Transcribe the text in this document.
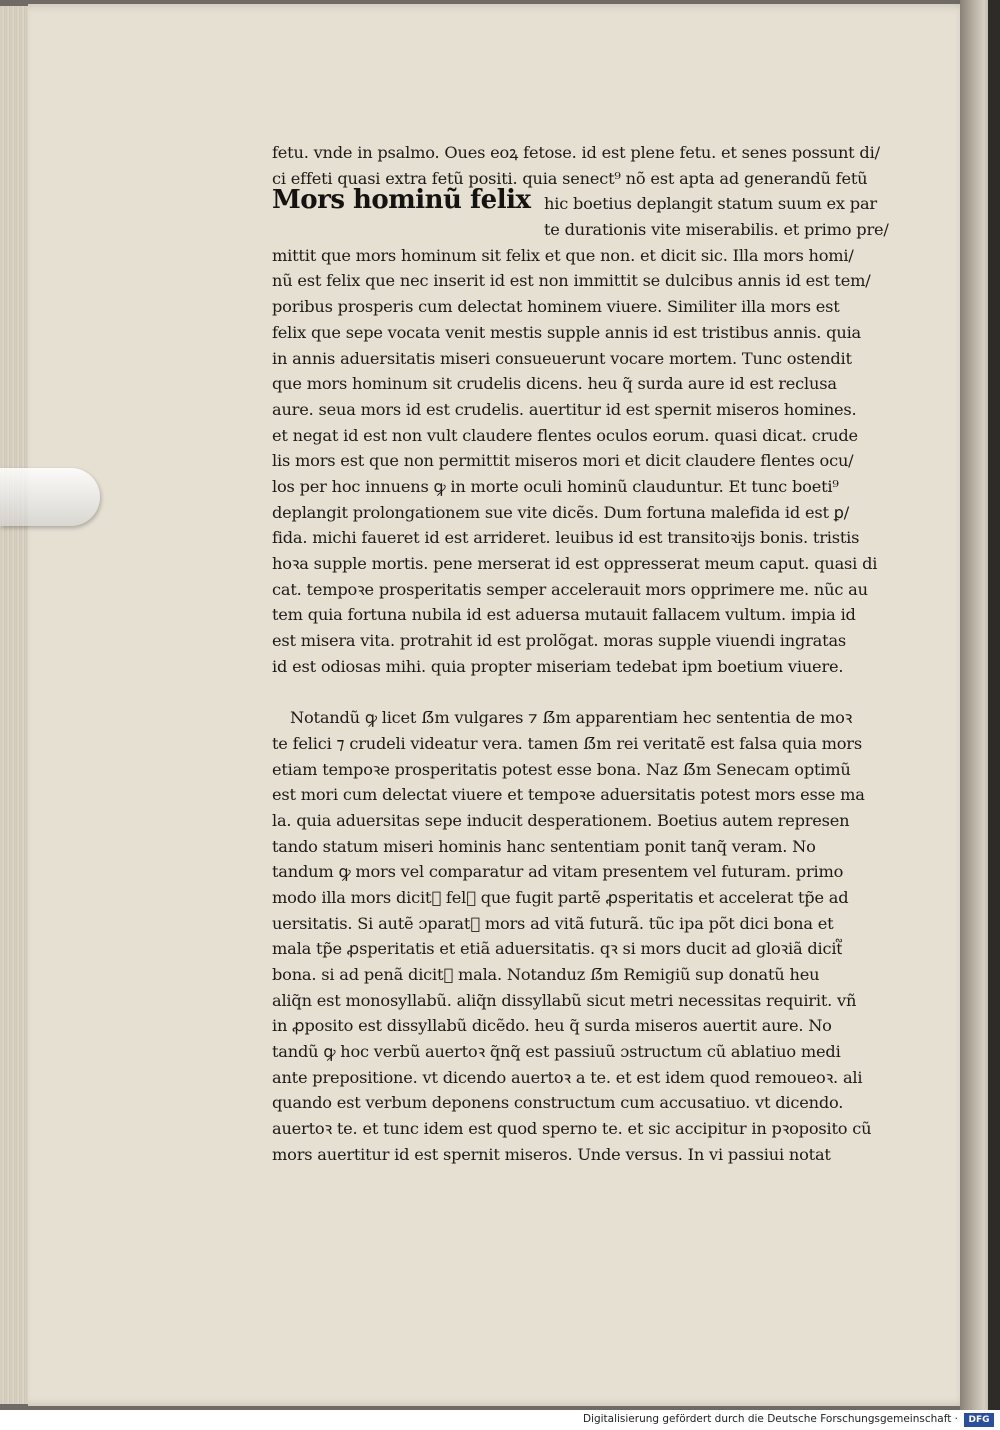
fetu. vnde in psalmo. Oues eoꝝ fetose. id est plene fetu. et senes possunt di/
ci effeti quasi extra fetũ positi. quia senect⁹ nõ est apta ad generandũ fetũ
Mors hominũ felix hic boetius deplangit statum suum ex par
te durationis vite miserabilis. et primo pre/
mittit que mors hominum sit felix et que non. et dicit sic. Illa mors homi/
nũ est felix que nec inserit id est non immittit se dulcibus annis id est tem/
poribus prosperis cum delectat hominem viuere. Similiter illa mors est
felix que sepe vocata venit mestis supple annis id est tristibus annis. quia
in annis aduersitatis miseri consueuerunt vocare mortem. Tunc ostendit
que mors hominum sit crudelis dicens. heu q̃ surda aure id est reclusa
aure. seua mors id est crudelis. auertitur id est spernit miseros homines.
et negat id est non vult claudere flentes oculos eorum. quasi dicat. crude
lis mors est que non permittit miseros mori et dicit claudere flentes ocu/
los per hoc innuens ꝙ in morte oculi hominũ clauduntur. Et tunc boeti⁹
deplangit prolongationem sue vite dicẽs. Dum fortuna malefida id est ꝑ/
fida. michi faueret id est arrideret. leuibus id est transitoꝛijs bonis. tristis
hoꝛa supple mortis. pene merserat id est oppresserat meum caput. quasi di
cat. tempoꝛe prosperitatis semper accelerauit mors opprimere me. nũc au
tem quia fortuna nubila id est aduersa mutauit fallacem vultum. impia id
est misera vita. protrahit id est prolõgat. moras supple viuendi ingratas
id est odiosas mihi. quia propter miseriam tedebat ipm boetium viuere.
Notandũ ꝙ licet ẞm vulgares ⁊ ẞm apparentiam hec sententia de moꝛ
te felici ⁊ crudeli videatur vera. tamen ẞm rei veritatẽ est falsa quia mors
etiam tempoꝛe prosperitatis potest esse bona. Naz ẞm Senecam optimũ
est mori cum delectat viuere et tempoꝛe aduersitatis potest mors esse ma
la. quia aduersitas sepe inducit desperationem. Boetius autem represen
tando statum miseri hominis hanc sententiam ponit tanq̃ veram. No
tandum ꝙ mors vel comparatur ad vitam presentem vel futuram. primo
modo illa mors dicit᷑ fel᷑ que fugit partẽ ꝓsperitatis et accelerat tp̃e ad
uersitatis. Si autẽ ɔparat᷑ mors ad vitã futurã. tũc ipa põt dici bona et
mala tp̃e ꝓsperitatis et etiã aduersitatis. qꝛ si mors ducit ad gloꝛiã dicit᷑
bona. si ad penã dicit᷑ mala. Notanduz ẞm Remigiũ sup donatũ heu
aliq̃n est monosyllabũ. aliq̃n dissyllabũ sicut metri necessitas requirit. vñ
in ꝓposito est dissyllabũ dicẽdo. heu q̃ surda miseros auertit aure. No
tandũ ꝙ hoc verbũ auertoꝛ q̃nq̃ est passiuũ ɔstructum cũ ablatiuo medi
ante prepositione. vt dicendo auertoꝛ a te. et est idem quod remoueoꝛ. ali
quando est verbum deponens constructum cum accusatiuo. vt dicendo.
auertoꝛ te. et tunc idem est quod sperno te. et sic accipitur in pꝛoposito cũ
mors auertitur id est spernit miseros. Unde versus. In vi passiui notat
Digitalisierung gefördert durch die Deutsche Forschungsgemeinschaft ·	DFG
